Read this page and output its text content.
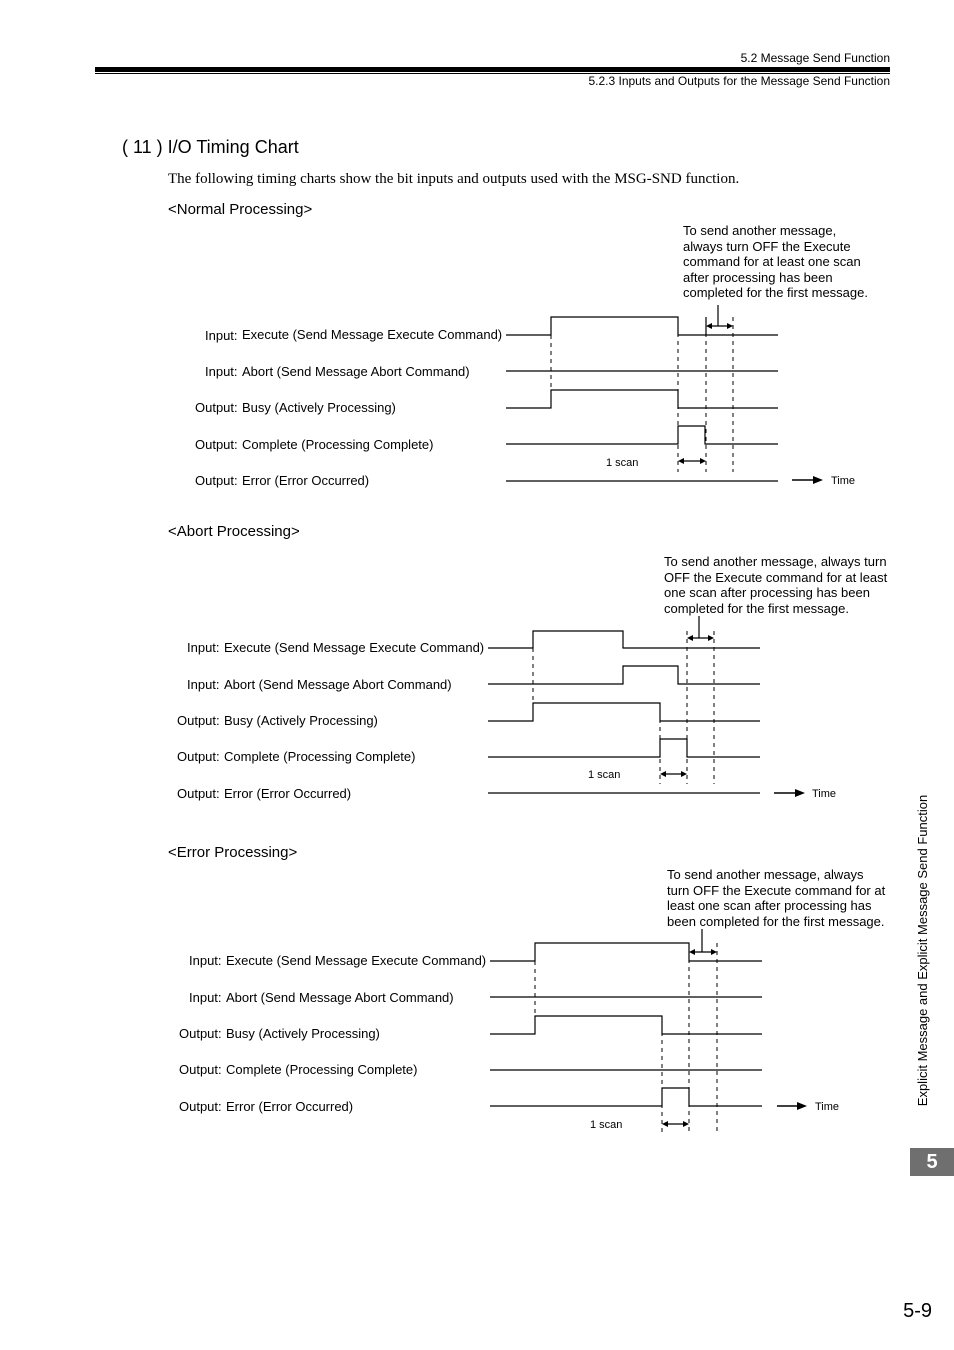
5.2 Message Send Function
5.2.3 Inputs and Outputs for the Message Send Function
( 11 ) I/O Timing Chart
The following timing charts show the bit inputs and outputs used with the MSG-SND function.
<Normal Processing>
To send another message, always turn OFF the Execute command for at least one scan after processing has been completed for the first message.
Input: Execute (Send Message Execute Command)
Input: Abort (Send Message Abort Command)
Output: Busy (Actively Processing)
Output: Complete (Processing Complete)
Output: Error (Error Occurred)
1 scan
Time
<Abort Processing>
To send another message, always turn OFF the Execute command for at least one scan after processing has been completed for the first message.
Input: Execute (Send Message Execute Command)
Input: Abort (Send Message Abort Command)
Output: Busy (Actively Processing)
Output: Complete (Processing Complete)
Output: Error (Error Occurred)
1 scan
Time
<Error Processing>
To send another message, always turn OFF the Execute command for at least one scan after processing has been completed for the first message.
Input: Execute (Send Message Execute Command)
Input: Abort (Send Message Abort Command)
Output: Busy (Actively Processing)
Output: Complete (Processing Complete)
Output: Error (Error Occurred)
1 scan
Time
Explicit Message and Explicit Message Send Function
5
5-9
